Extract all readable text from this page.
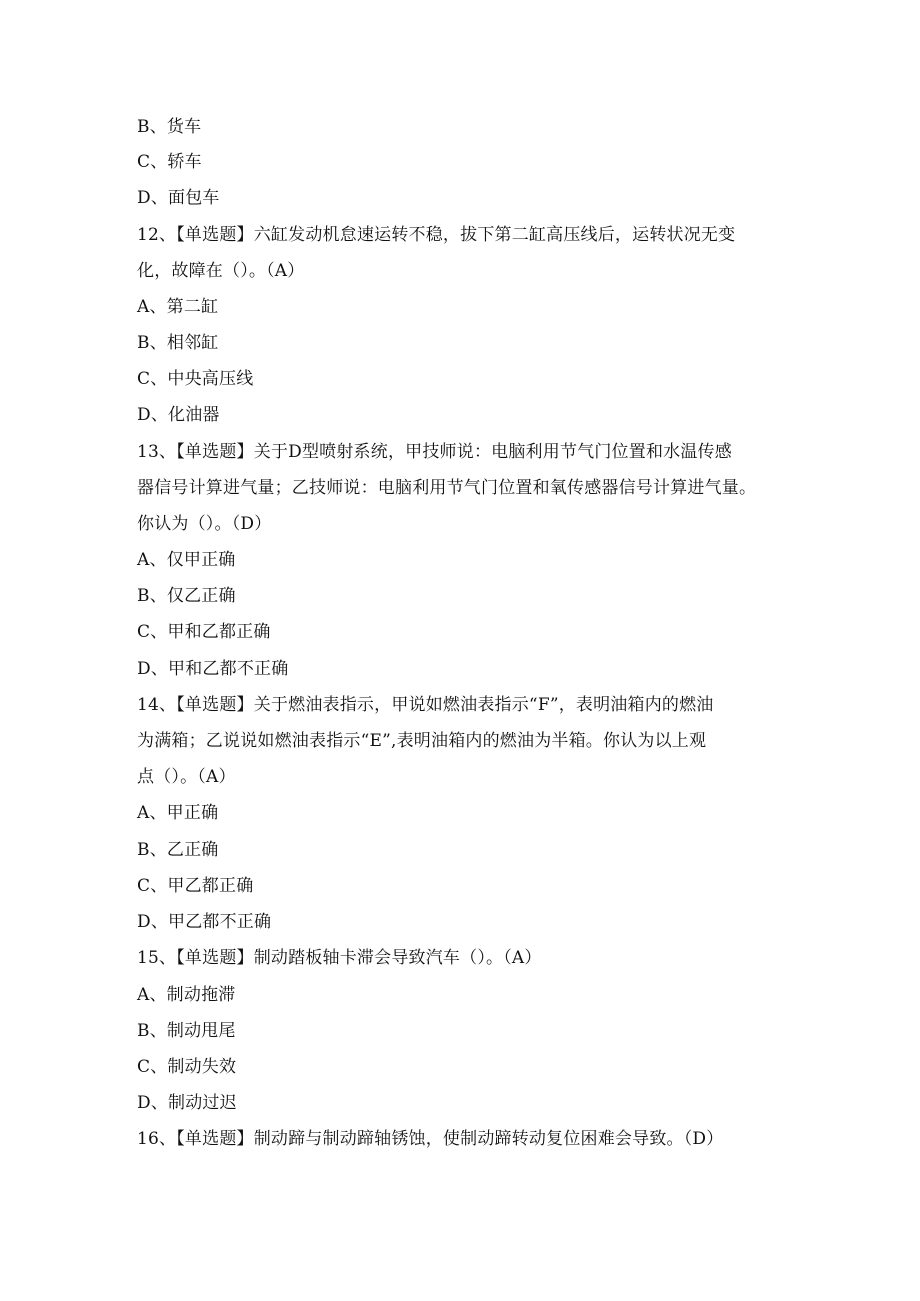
B、货车
C、轿车
D、面包车
12、【单选题】六缸发动机怠速运转不稳，拔下第二缸高压线后，运转状况无变
化，故障在（）。（A）
A、第二缸
B、相邻缸
C、中央高压线
D、化油器
13、【单选题】关于D型喷射系统，甲技师说：电脑利用节气门位置和水温传感
器信号计算进气量；乙技师说：电脑利用节气门位置和氧传感器信号计算进气量。
你认为（）。（D）
A、仅甲正确
B、仅乙正确
C、甲和乙都正确
D、甲和乙都不正确
14、【单选题】关于燃油表指示，甲说如燃油表指示“F”，表明油箱内的燃油
为满箱；乙说说如燃油表指示“E”,表明油箱内的燃油为半箱。你认为以上观
点（）。（A）
A、甲正确
B、乙正确
C、甲乙都正确
D、甲乙都不正确
15、【单选题】制动踏板轴卡滞会导致汽车（）。（A）
A、制动拖滞
B、制动甩尾
C、制动失效
D、制动过迟
16、【单选题】制动蹄与制动蹄轴锈蚀，使制动蹄转动复位困难会导致。（D）
